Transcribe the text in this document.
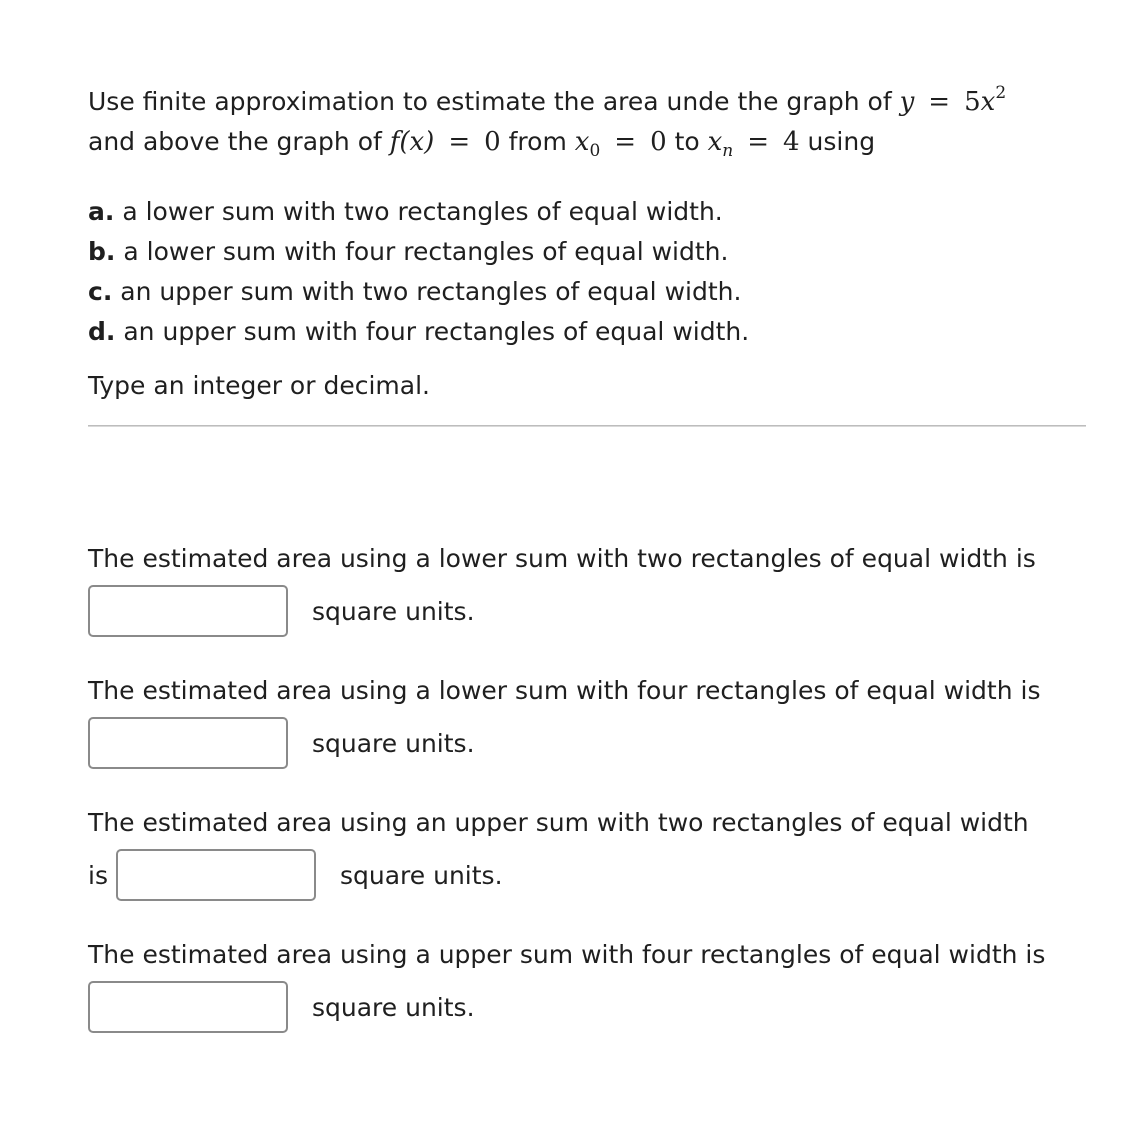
Use finite approximation to estimate the area unde the graph of $y = 5x^2$
and above the graph of f(x) = 0 from $x_0 = 0$ to $x_n = 4$ using
a. a lower sum with two rectangles of equal width.
b. a lower sum with four rectangles of equal width.
c. an upper sum with two rectangles of equal width.
d. an upper sum with four rectangles of equal width.
Type an integer or decimal.
The estimated area using a lower sum with two rectangles of equal width is
square units.
The estimated area using a lower sum with four rectangles of equal width is
square units.
The estimated area using an upper sum with two rectangles of equal width
is	square units.
The estimated area using a upper sum with four rectangles of equal width is
square units.
